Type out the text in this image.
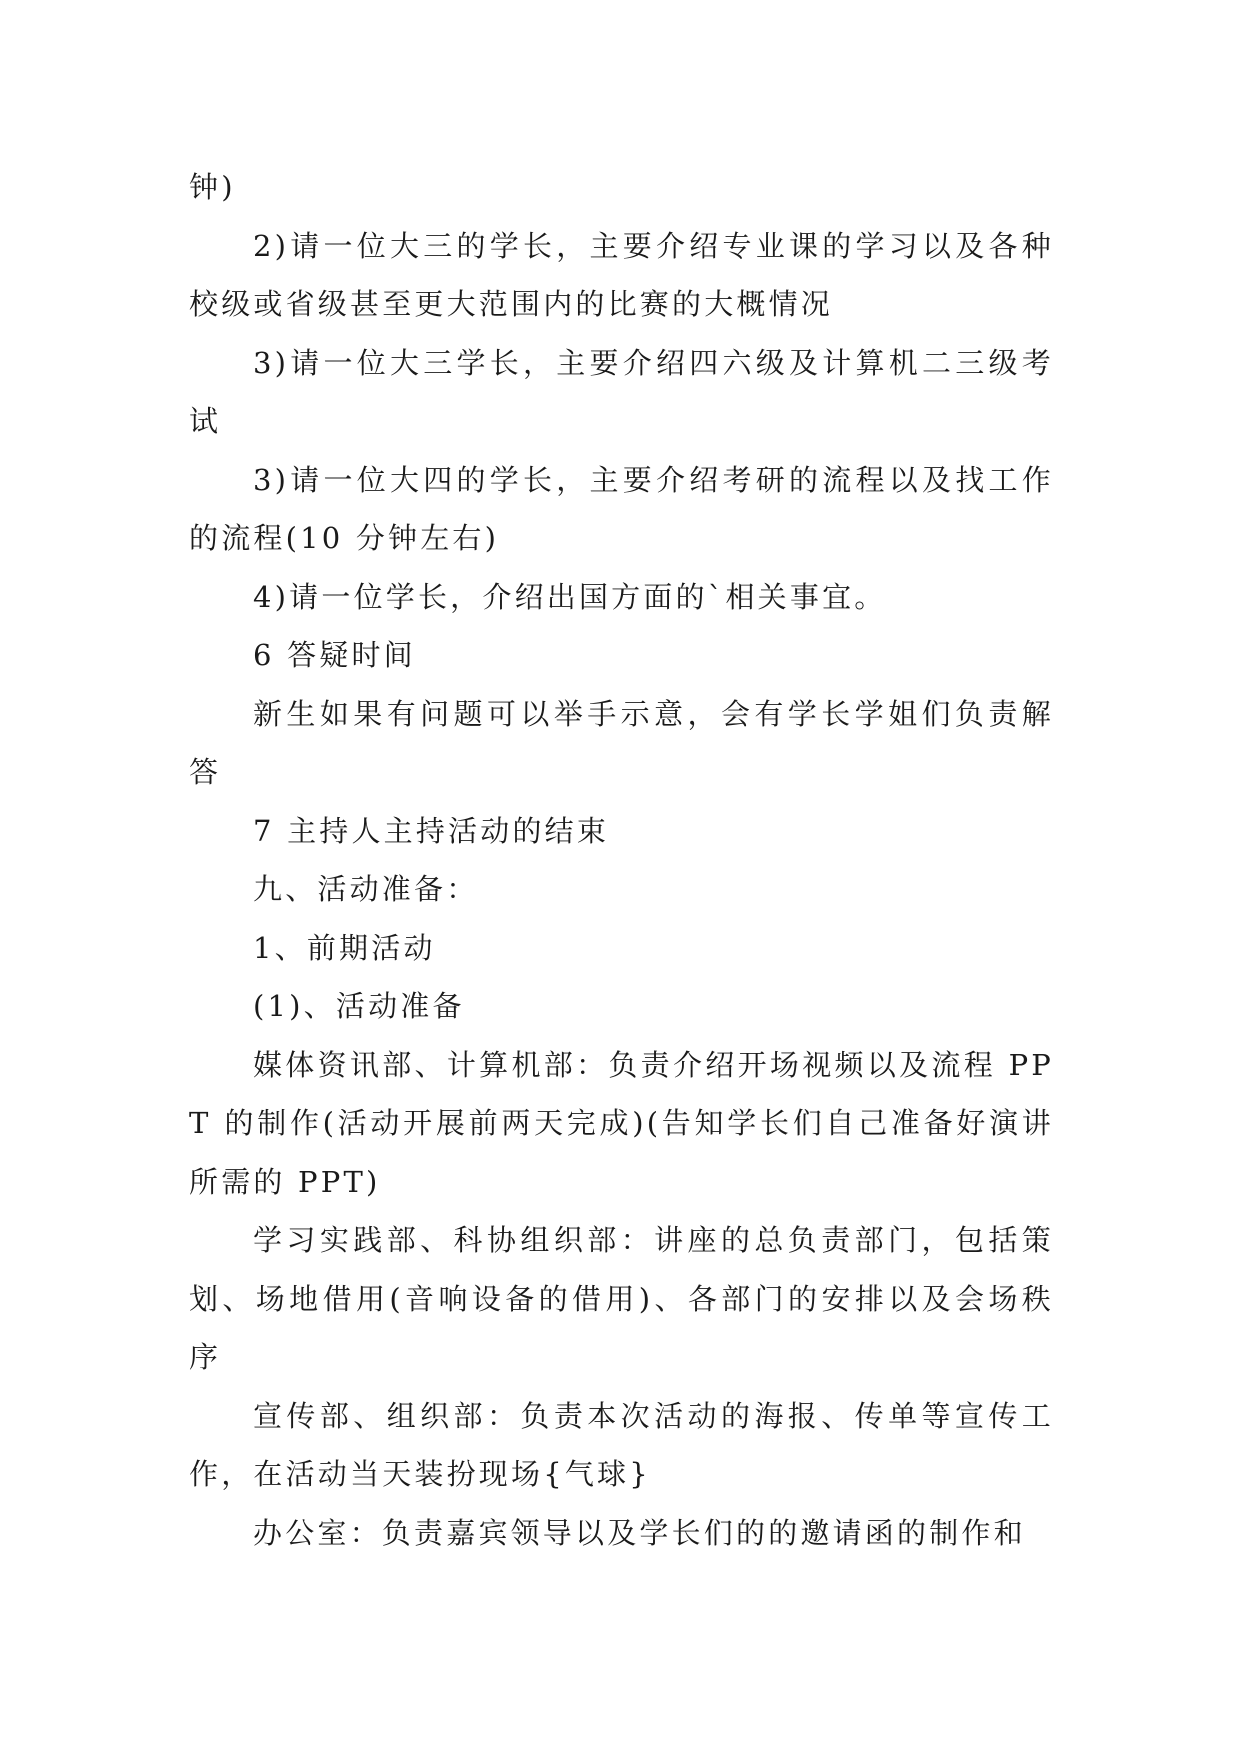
钟)

2)请一位大三的学长，主要介绍专业课的学习以及各种校级或省级甚至更大范围内的比赛的大概情况

3)请一位大三学长，主要介绍四六级及计算机二三级考试

3)请一位大四的学长，主要介绍考研的流程以及找工作的流程(10 分钟左右)

4)请一位学长，介绍出国方面的`相关事宜。

6 答疑时间

新生如果有问题可以举手示意，会有学长学姐们负责解答

7 主持人主持活动的结束

九、活动准备：

1、前期活动

(1)、活动准备

媒体资讯部、计算机部：负责介绍开场视频以及流程 PPT 的制作(活动开展前两天完成)(告知学长们自己准备好演讲所需的 PPT)

学习实践部、科协组织部：讲座的总负责部门，包括策划、场地借用(音响设备的借用)、各部门的安排以及会场秩序

宣传部、组织部：负责本次活动的海报、传单等宣传工作，在活动当天装扮现场{气球}

办公室：负责嘉宾领导以及学长们的的邀请函的制作和
